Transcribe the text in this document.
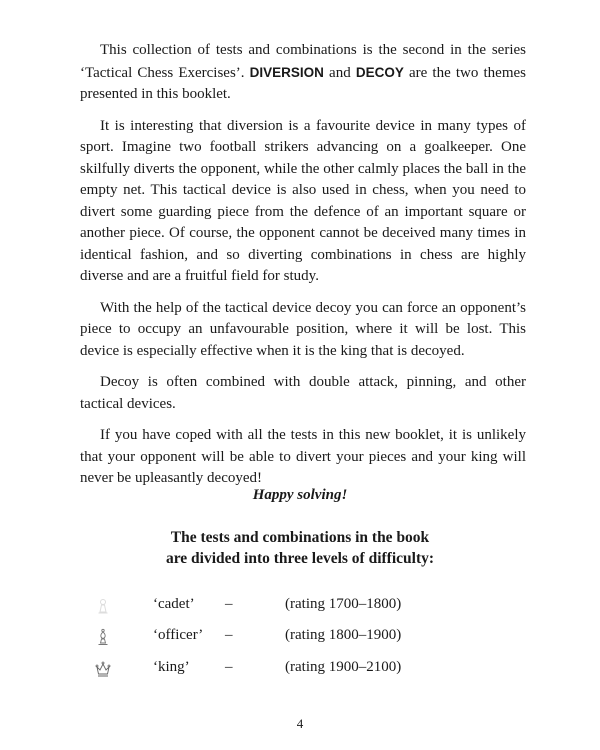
This collection of tests and combinations is the second in the series ‘Tactical Chess Exercises’. DIVERSION and DECOY are the two themes presented in this booklet.

It is interesting that diversion is a favourite device in many types of sport. Imagine two football strikers advancing on a goalkeeper. One skilfully diverts the opponent, while the other calmly places the ball in the empty net. This tactical device is also used in chess, when you need to divert some guarding piece from the defence of an important square or another piece. Of course, the opponent cannot be deceived many times in identical fashion, and so diverting combinations in chess are highly diverse and are a fruitful field for study.

With the help of the tactical device decoy you can force an opponent’s piece to occupy an unfavourable position, where it will be lost. This device is especially effective when it is the king that is decoyed.

Decoy is often combined with double attack, pinning, and other tactical devices.

If you have coped with all the tests in this new booklet, it is unlikely that your opponent will be able to divert your pieces and your king will never be upleasantly decoyed!

Happy solving!
The tests and combinations in the book
are divided into three levels of difficulty:
‘cadet’ –	(rating 1700–1800)
‘officer’ –	(rating 1800–1900)
‘king’ –	(rating 1900–2100)
4
